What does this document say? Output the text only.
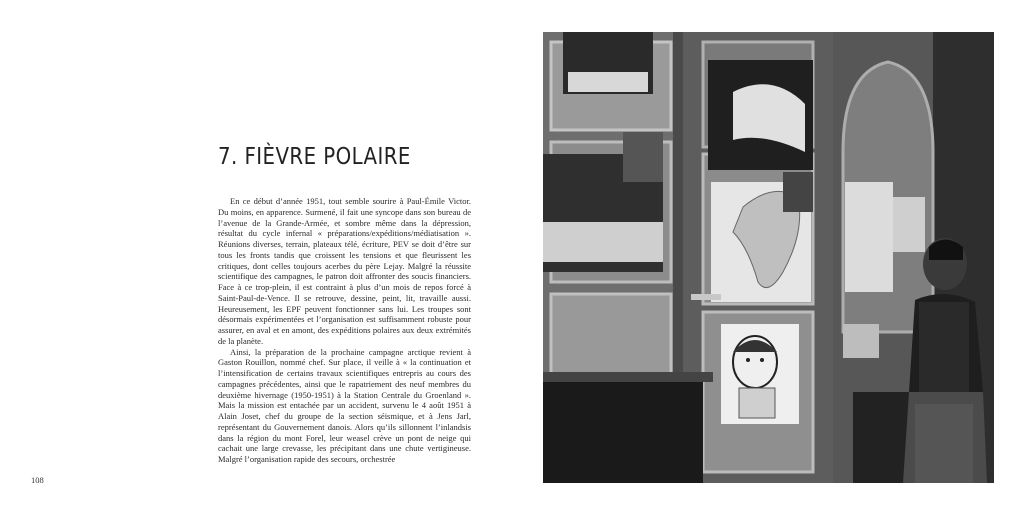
7. FIÈVRE POLAIRE

En ce début d’année 1951, tout semble sourire à Paul-Émile Victor. Du moins, en apparence. Surmené, il fait une syncope dans son bureau de l’avenue de la Grande-Armée, et sombre même dans la dépression, résultat du cycle infernal « préparations/expéditions/médiatisation ». Réunions diverses, terrain, plateaux télé, écriture, PEV se doit d’être sur tous les fronts tandis que croissent les tensions et que fleurissent les critiques, dont celles toujours acerbes du père Lejay. Malgré la réussite scientifique des campagnes, le patron doit affronter des soucis financiers. Face à ce trop-plein, il est contraint à plus d’un mois de repos forcé à Saint-Paul-de-Vence. Il se retrouve, dessine, peint, lit, travaille aussi. Heureusement, les EPF peuvent fonctionner sans lui. Les troupes sont désormais expérimentées et l’organisation est suffisamment robuste pour assurer, en aval et en amont, des expéditions polaires aux deux extrémités de la planète.

Ainsi, la préparation de la prochaine campagne arctique revient à Gaston Rouillon, nommé chef. Sur place, il veille à « la continuation et l’intensification de certains travaux scientifiques entrepris au cours des campagnes précédentes, ainsi que le rapatriement des neuf membres du deuxième hivernage (1950-1951) à la Station Centrale du Groenland ». Mais la mission est entachée par un accident, survenu le 4 août 1951 à Alain Joset, chef du groupe de la section séismique, et à Jens Jarl, représentant du Gouvernement danois. Alors qu’ils sillonnent l’inlandsis dans la région du mont Forel, leur weasel crève un pont de neige qui cachait une large crevasse, les précipitant dans une chute vertigineuse. Malgré l’organisation rapide des secours, orchestrée

108
